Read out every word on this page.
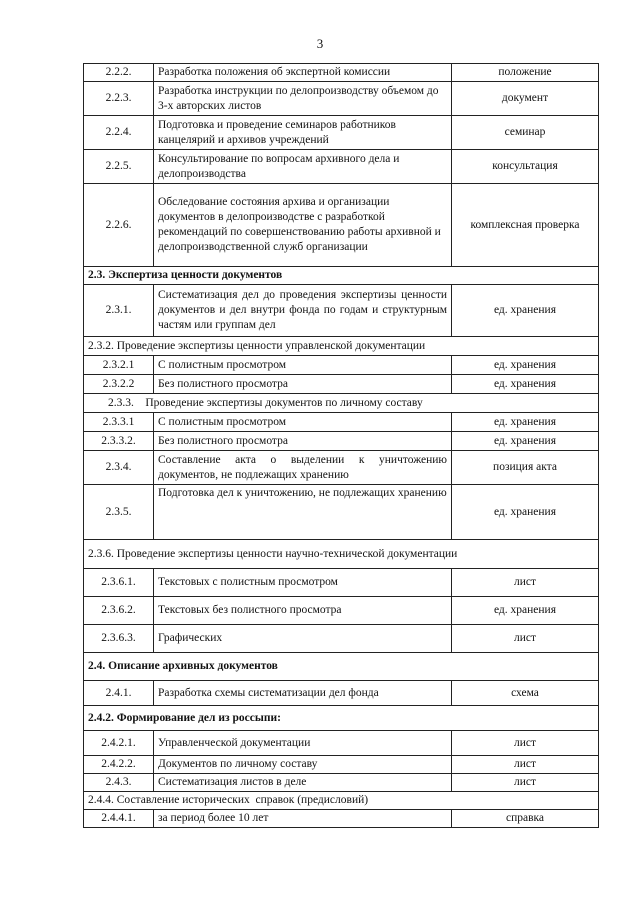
3
2.2.2.	Разработка положения об экспертной комиссии	положение
2.2.3.	Разработка инструкции по делопроизводству объемом до 3-х авторских листов	документ
2.2.4.	Подготовка и проведение семинаров работников канцелярий и архивов учреждений	семинар
2.2.5.	Консультирование по вопросам архивного дела и делопроизводства	консультация
2.2.6.	Обследование состояния архива и организации документов в делопроизводстве с разработкой рекомендаций по совершенствованию работы архивной и делопроизводственной служб организации	комплексная проверка
2.3. Экспертиза ценности документов		
2.3.1.	Систематизация дел до проведения экспертизы ценности документов и дел внутри фонда по годам и структурным частям или группам дел	ед. хранения
2.3.2. Проведение экспертизы ценности управленской документации		
2.3.2.1	С полистным просмотром	ед. хранения
2.3.2.2	Без полистного просмотра	ед. хранения
2.3.3.    Проведение экспертизы документов по личному составу		
2.3.3.1	С полистным просмотром	ед. хранения
2.3.3.2.	Без полистного просмотра	ед. хранения
2.3.4.	Составление акта о выделении к уничтожению документов, не подлежащих хранению	позиция акта
2.3.5.	Подготовка дел к уничтожению, не подлежащих хранению	ед. хранения
2.3.6. Проведение экспертизы ценности научно-технической документации		
2.3.6.1.	Текстовых с полистным просмотром	лист
2.3.6.2.	Текстовых без полистного просмотра	ед. хранения
2.3.6.3.	Графических	лист
2.4. Описание архивных документов		
2.4.1.	Разработка схемы систематизации дел фонда	схема
2.4.2. Формирование дел из россыпи:		
2.4.2.1.	Управленческой документации	лист
2.4.2.2.	Документов по личному составу	лист
2.4.3.	Систематизация листов в деле	лист
2.4.4. Составление исторических  справок (предисловий)		
2.4.4.1.	за период более 10 лет	справка
